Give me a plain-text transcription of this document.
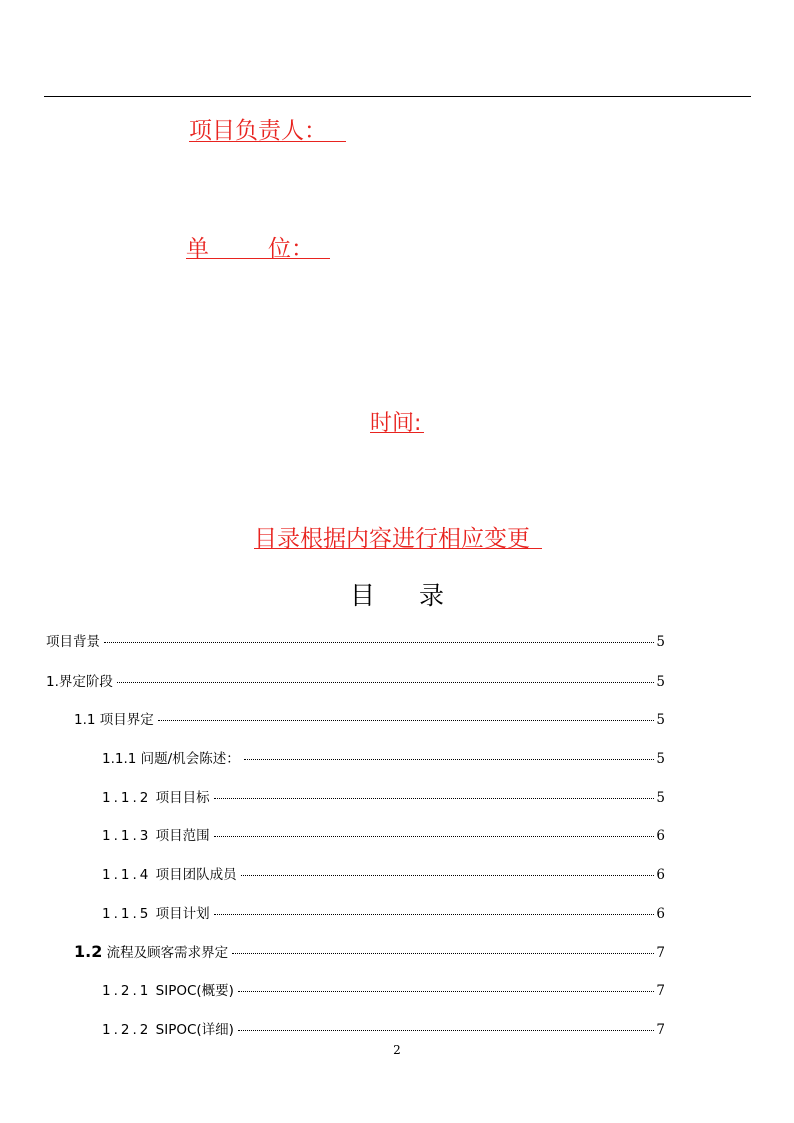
项目负责人：
单	位：
时间:
目录根据内容进行相应变更
目 录
项目背景	5
1. 界定阶段	5
1.1 项目界定	5
1.1.1 问题/机会陈述：	5
1.1.2 项目目标	5
1.1.3 项目范围	6
1.1.4 项目团队成员	6
1.1.5 项目计划	6
1.2 流程及顾客需求界定	7
1.2.1 SIPOC(概要)	7
1.2.2 SIPOC(详细)	7
2
